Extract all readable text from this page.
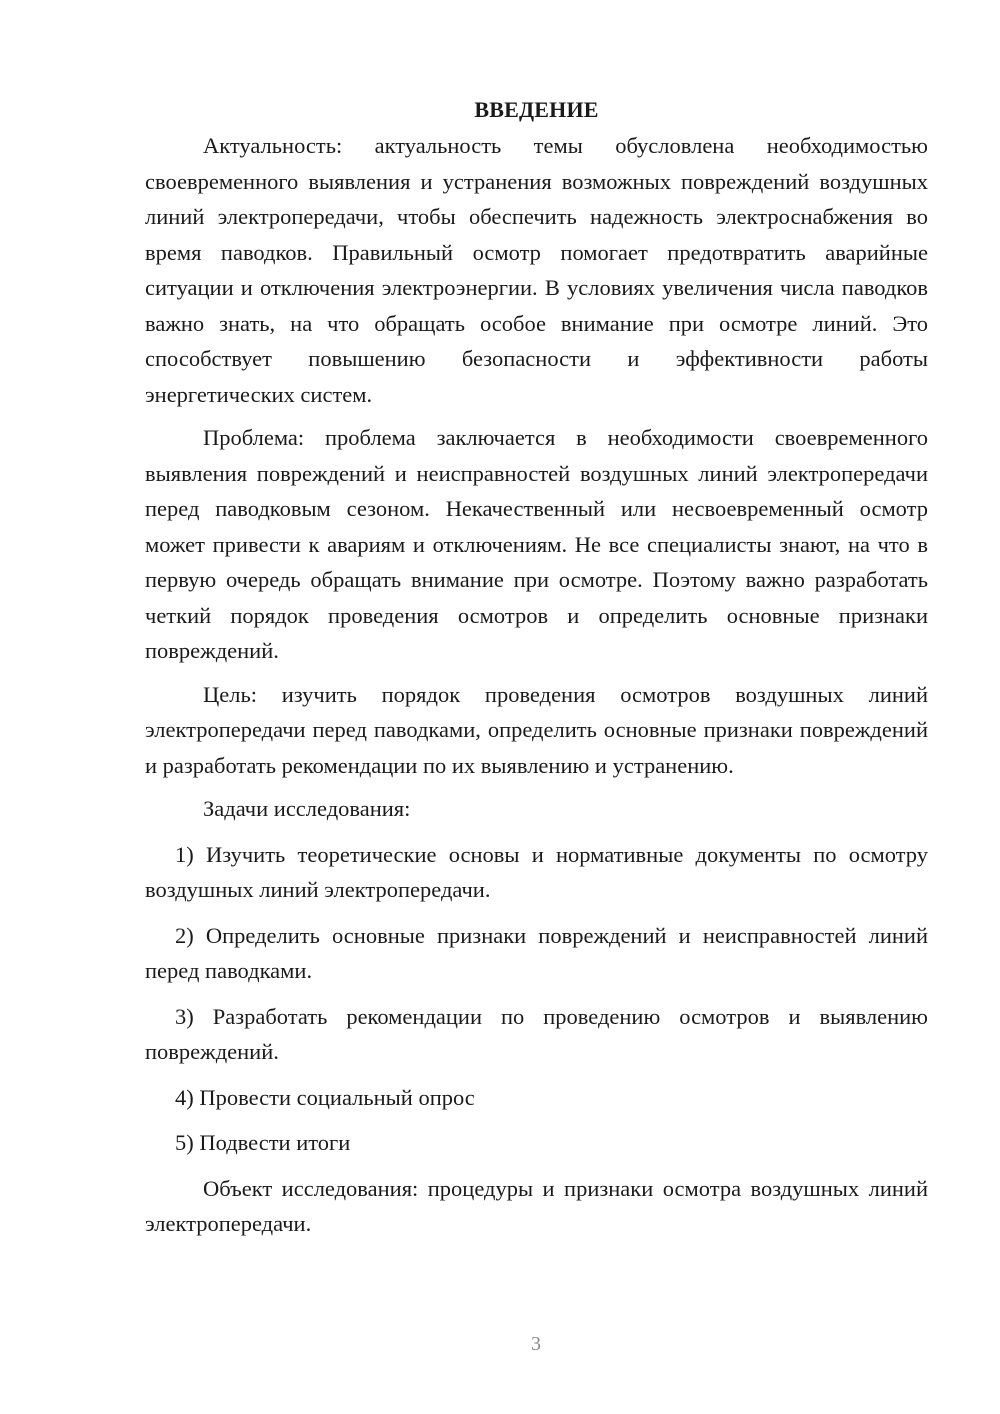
ВВЕДЕНИЕ

Актуальность: актуальность темы обусловлена необходимостью своевременного выявления и устранения возможных повреждений воздушных линий электропередачи, чтобы обеспечить надежность электроснабжения во время паводков. Правильный осмотр помогает предотвратить аварийные ситуации и отключения электроэнергии. В условиях увеличения числа паводков важно знать, на что обращать особое внимание при осмотре линий. Это способствует повышению безопасности и эффективности работы энергетических систем.

Проблема: проблема заключается в необходимости своевременного выявления повреждений и неисправностей воздушных линий электропередачи перед паводковым сезоном. Некачественный или несвоевременный осмотр может привести к авариям и отключениям. Не все специалисты знают, на что в первую очередь обращать внимание при осмотре. Поэтому важно разработать четкий порядок проведения осмотров и определить основные признаки повреждений.

Цель: изучить порядок проведения осмотров воздушных линий электропередачи перед паводками, определить основные признаки повреждений и разработать рекомендации по их выявлению и устранению.

Задачи исследования:

1) Изучить теоретические основы и нормативные документы по осмотру воздушных линий электропередачи.

2) Определить основные признаки повреждений и неисправностей линий перед паводками.

3) Разработать рекомендации по проведению осмотров и выявлению повреждений.

4) Провести социальный опрос

5) Подвести итоги

Объект исследования: процедуры и признаки осмотра воздушных линий электропередачи.

3
